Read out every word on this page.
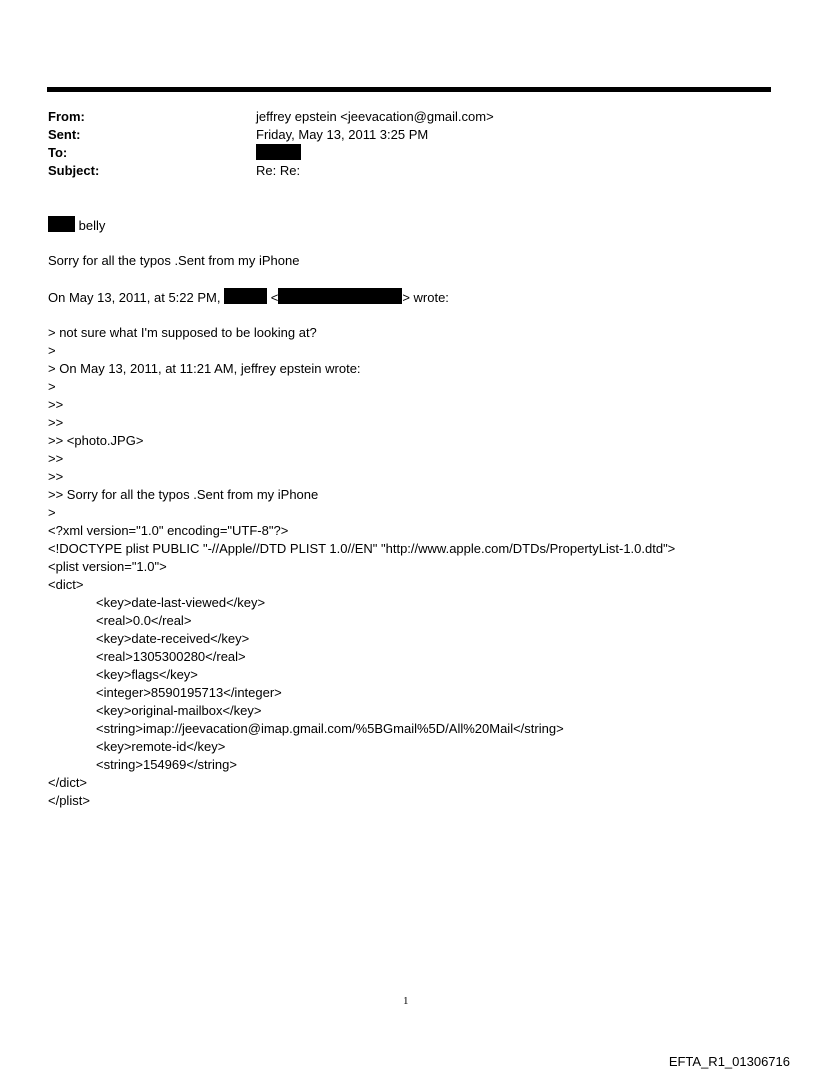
From:	jeffrey epstein <jeevacation@gmail.com>
Sent:	Friday, May 13, 2011 3:25 PM
To:
Subject:	Re: Re:
belly
Sorry for all the typos .Sent from my iPhone
On May 13, 2011, at 5:22 PM,	<	> wrote:
> not sure what I'm supposed to be looking at?
>
> On May 13, 2011, at 11:21 AM, jeffrey epstein wrote:
>
>>
>>
>> <photo.JPG>
>>
>>
>> Sorry for all the typos .Sent from my iPhone
>
<?xml version="1.0" encoding="UTF-8"?>
<!DOCTYPE plist PUBLIC "-//Apple//DTD PLIST 1.0//EN" "http://www.apple.com/DTDs/PropertyList-1.0.dtd">
<plist version="1.0">
<dict>
<key>date-last-viewed</key>
<real>0.0</real>
<key>date-received</key>
<real>1305300280</real>
<key>flags</key>
<integer>8590195713</integer>
<key>original-mailbox</key>
<string>imap://jeevacation@imap.gmail.com/%5BGmail%5D/All%20Mail</string>
<key>remote-id</key>
<string>154969</string>
</dict>
</plist>
1
EFTA_R1_01306716
